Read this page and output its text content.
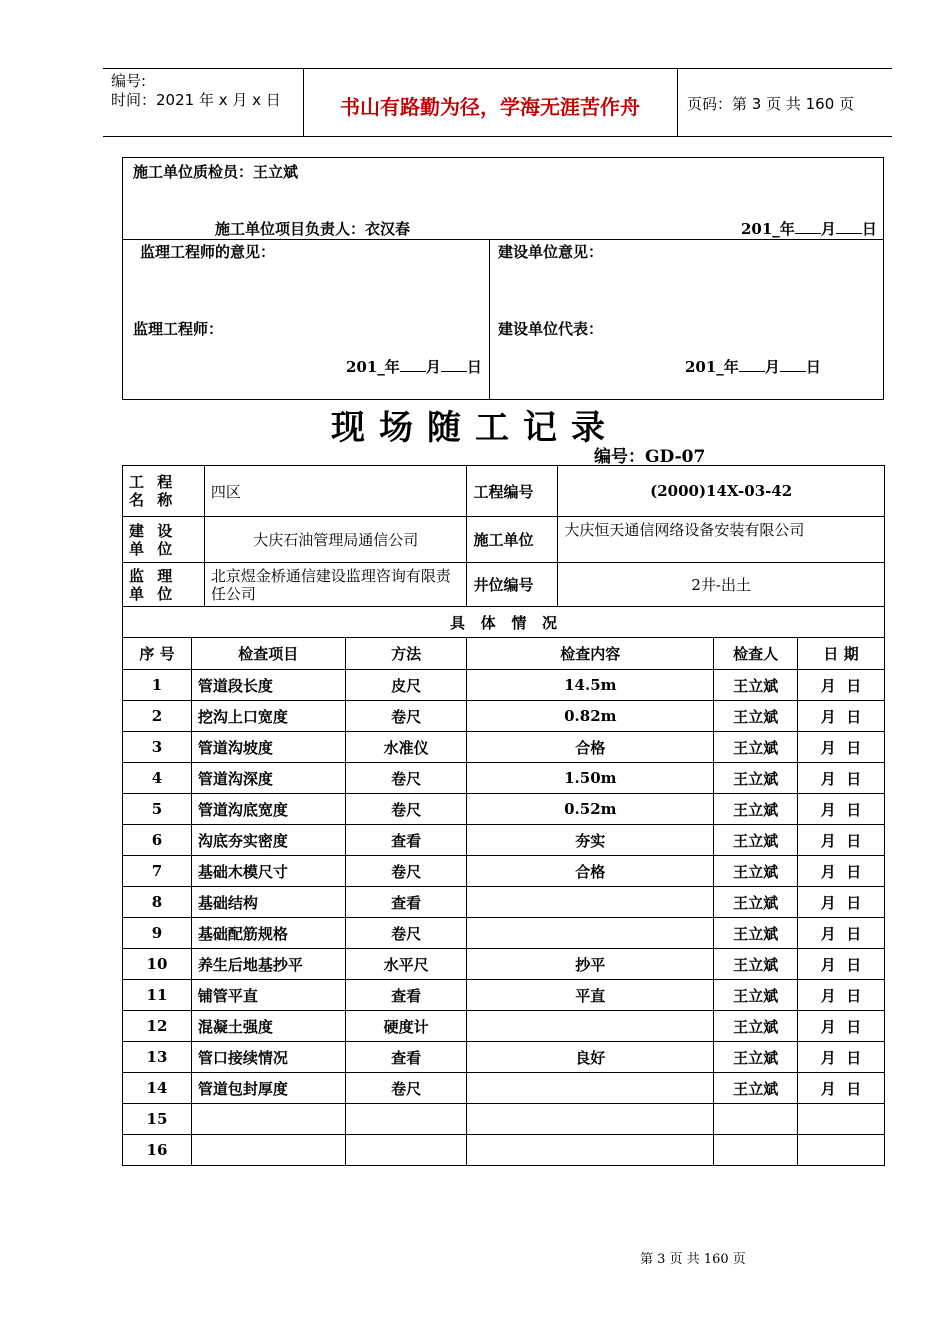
编号:
时间：2021 年 x 月 x 日	书山有路勤为径，学海无涯苦作舟	页码：第 3 页 共 160 页
施工单位质检员：王立斌
施工单位项目负责人：衣汉春	201_年 月 日
监理工程师的意见：	建设单位意见：
监理工程师：	建设单位代表：
201_年 月 日	201_年 月 日
现场随工记录
编号：GD-07
工 程 名 称	四区	工程编号	(2000)14X-03-42
建 设 单 位	大庆石油管理局通信公司	施工单位	大庆恒天通信网络设备安装有限公司
监 理 单 位	北京煜金桥通信建设监理咨询有限责任公司	井位编号	2井-出土
具   体   情   况			
序 号	检查项目	方法	检查内容	检查人	日 期
1	管道段长度	皮尺	14.5m	王立斌	月  日
2	挖沟上口宽度	卷尺	0.82m	王立斌	月  日
3	管道沟坡度	水准仪	合格	王立斌	月  日
4	管道沟深度	卷尺	1.50m	王立斌	月  日
5	管道沟底宽度	卷尺	0.52m	王立斌	月  日
6	沟底夯实密度	查看	夯实	王立斌	月  日
7	基础木模尺寸	卷尺	合格	王立斌	月  日
8	基础结构	查看		王立斌	月  日
9	基础配筋规格	卷尺		王立斌	月  日
10	养生后地基抄平	水平尺	抄平	王立斌	月  日
11	铺管平直	查看	平直	王立斌	月  日
12	混凝土强度	硬度计		王立斌	月  日
13	管口接续情况	查看	良好	王立斌	月  日
14	管道包封厚度	卷尺		王立斌	月  日
15					
16					
第 3 页 共 160 页
